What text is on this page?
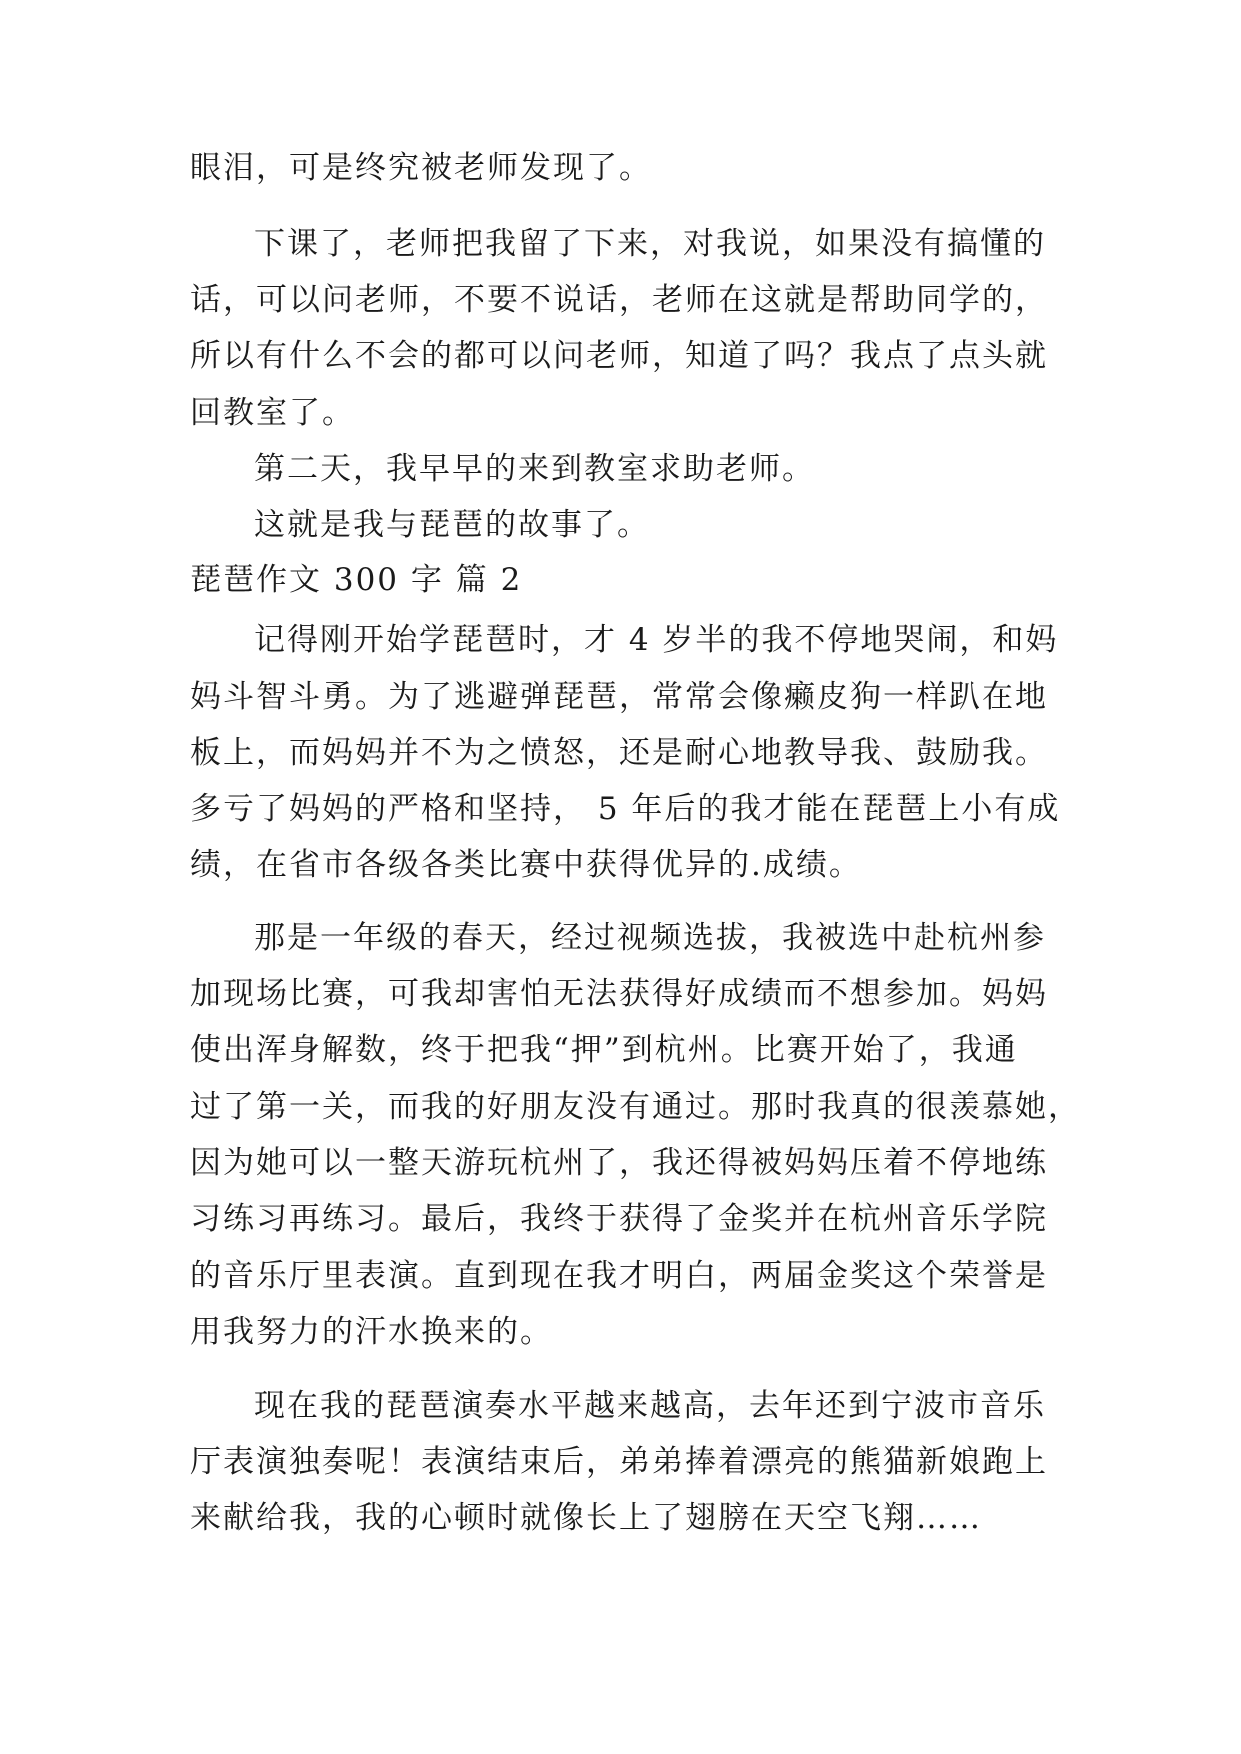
眼泪，可是终究被老师发现了。
下课了，老师把我留了下来，对我说，如果没有搞懂的
话，可以问老师，不要不说话，老师在这就是帮助同学的，
所以有什么不会的都可以问老师，知道了吗？我点了点头就
回教室了。
第二天，我早早的来到教室求助老师。
这就是我与琵琶的故事了。
琵琶作文 300 字 篇 2
记得刚开始学琵琶时，才 4 岁半的我不停地哭闹，和妈
妈斗智斗勇。为了逃避弹琵琶，常常会像癞皮狗一样趴在地
板上，而妈妈并不为之愤怒，还是耐心地教导我、鼓励我。
多亏了妈妈的严格和坚持， 5 年后的我才能在琵琶上小有成
绩，在省市各级各类比赛中获得优异的.成绩。
那是一年级的春天，经过视频选拔，我被选中赴杭州参
加现场比赛，可我却害怕无法获得好成绩而不想参加。妈妈
使出浑身解数，终于把我“押”到杭州。比赛开始了，我通
过了第一关，而我的好朋友没有通过。那时我真的很羡慕她，
因为她可以一整天游玩杭州了，我还得被妈妈压着不停地练
习练习再练习。最后，我终于获得了金奖并在杭州音乐学院
的音乐厅里表演。直到现在我才明白，两届金奖这个荣誉是
用我努力的汗水换来的。
现在我的琵琶演奏水平越来越高，去年还到宁波市音乐
厅表演独奏呢！表演结束后，弟弟捧着漂亮的熊猫新娘跑上
来献给我，我的心顿时就像长上了翅膀在天空飞翔……
